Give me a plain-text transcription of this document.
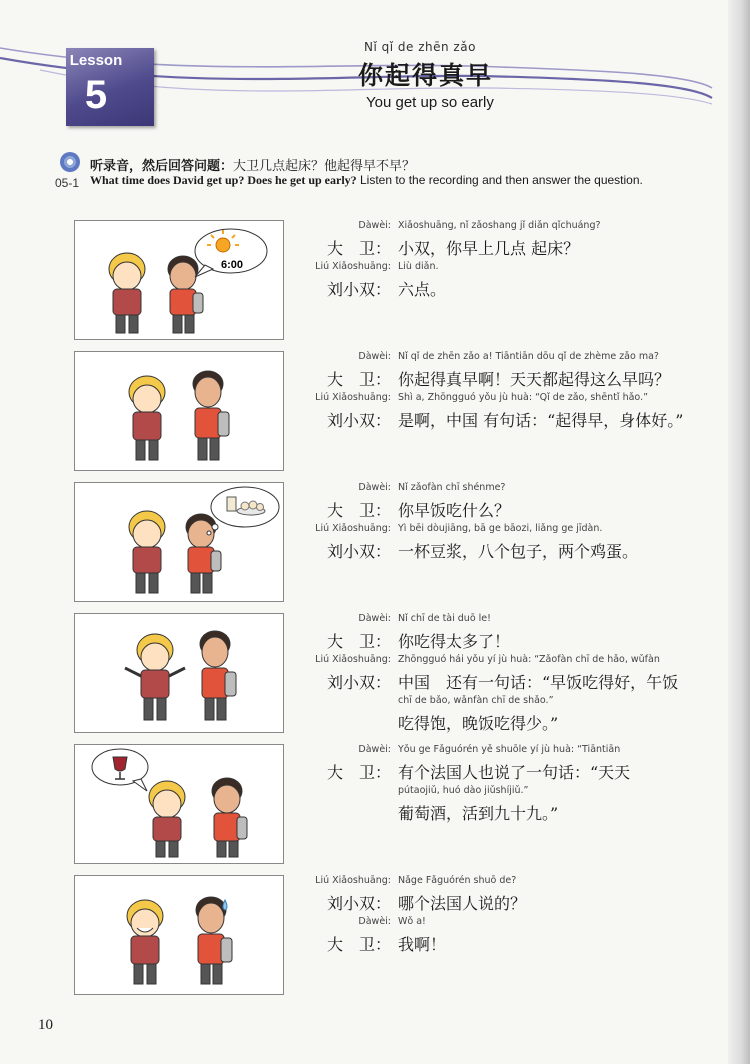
Lesson
5
Nǐ qǐ de zhēn zǎo
你起得真早
You get up so early
05-1
听录音，然后回答问题：大卫几点起床？他起得早不早？
What time does David get up? Does he get up early? Listen to the recording and then answer the question.
6:00
Dàwèi: Xiǎoshuāng, nǐ zǎoshang jǐ diǎn qǐchuáng?
大　卫： 小双，你早上几点 起床？
Liú Xiǎoshuāng: Liù diǎn.
刘小双： 六点。
Dàwèi: Nǐ qǐ de zhēn zǎo a! Tiāntiān dōu qǐ de zhème zǎo ma?
大　卫： 你起得真早啊！天天都起得这么早吗？
Liú Xiǎoshuāng: Shì a, Zhōngguó yǒu jù huà: “Qǐ de zǎo, shēntǐ hǎo.”
刘小双： 是啊，中国 有句话：“起得早，身体好。”
Dàwèi: Nǐ zǎofàn chī shénme?
大　卫： 你早饭吃什么？
Liú Xiǎoshuāng: Yì bēi dòujiāng, bā ge bāozi, liǎng ge jīdàn.
刘小双： 一杯豆浆，八个包子，两个鸡蛋。
Dàwèi: Nǐ chī de tài duō le!
大　卫： 你吃得太多了！
Liú Xiǎoshuāng: Zhōngguó hái yǒu yí jù huà: “Zǎofàn chī de hǎo, wǔfàn
刘小双： 中国　还有一句话：“早饭吃得好，午饭
chī de bǎo, wǎnfàn chī de shǎo.”
吃得饱，晚饭吃得少。”
Dàwèi: Yǒu ge Fǎguórén yě shuōle yí jù huà: “Tiāntiān
大　卫： 有个法国人也说了一句话：“天天
pútaojiǔ, huó dào jiǔshíjiǔ.”
葡萄酒，活到九十九。”
Liú Xiǎoshuāng: Nǎge Fǎguórén shuō de?
刘小双： 哪个法国人说的？
Dàwèi: Wǒ a!
大　卫： 我啊！
10
